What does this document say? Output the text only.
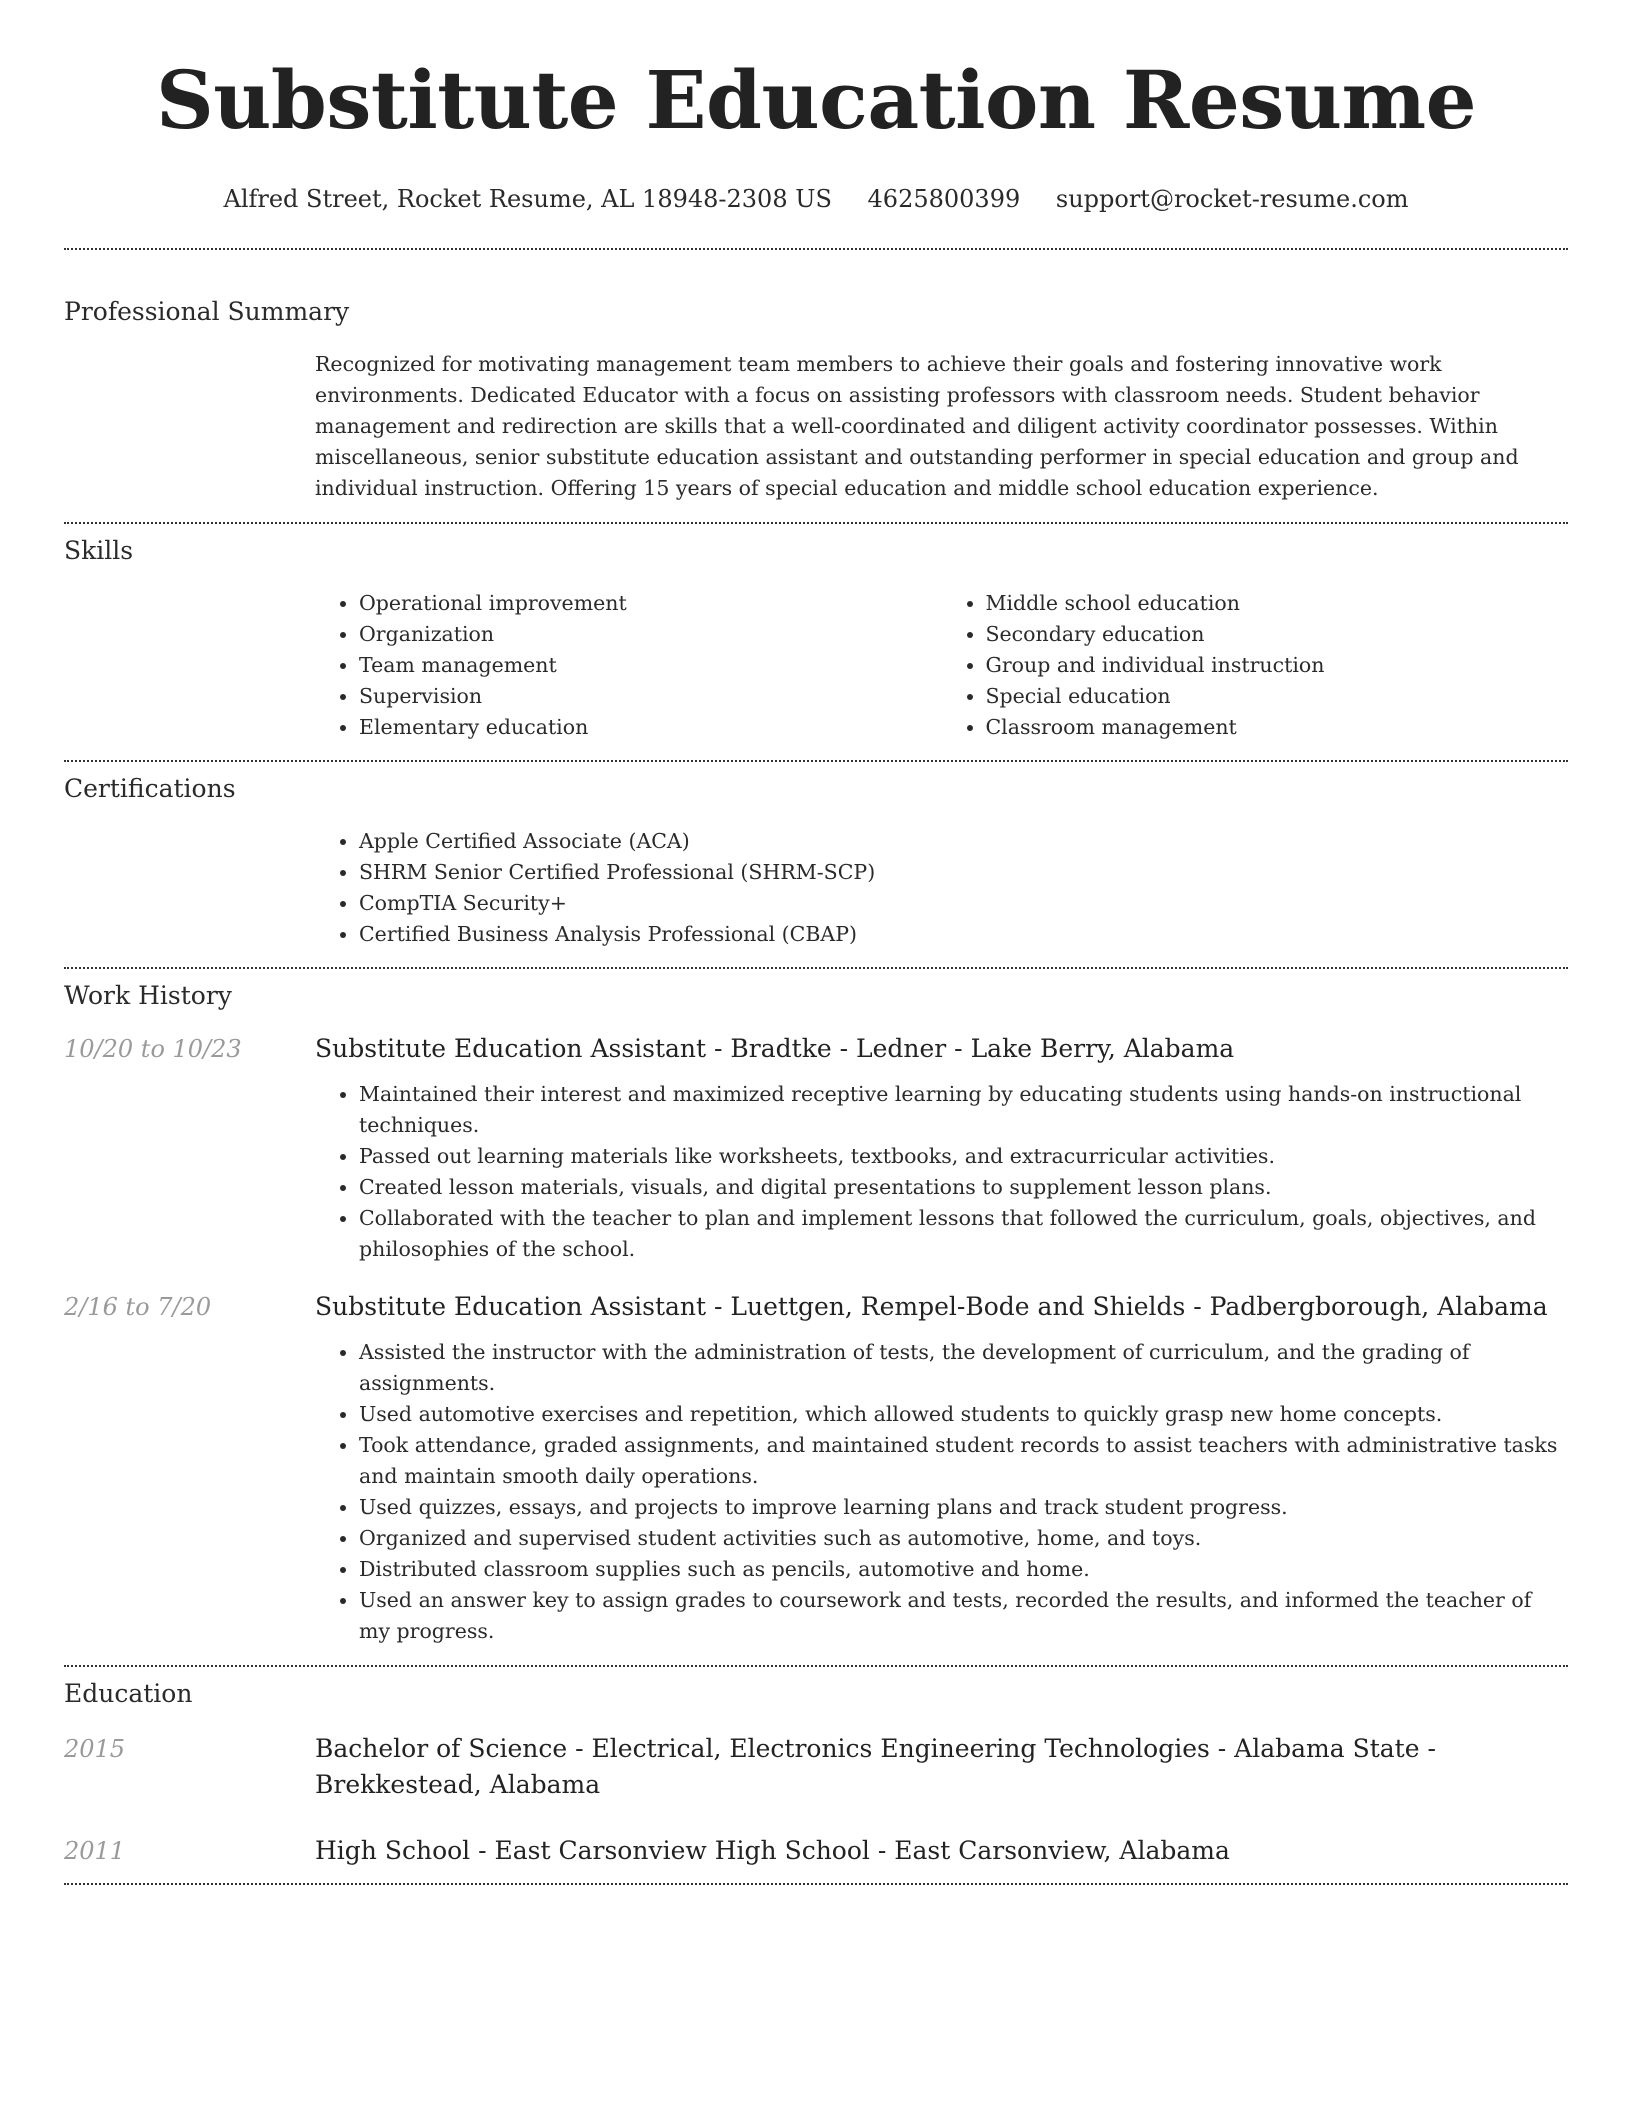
Substitute Education Resume
Alfred Street, Rocket Resume, AL 18948-2308 US 4625800399 support@rocket-resume.com
Professional Summary

Recognized for motivating management team members to achieve their goals and fostering innovative work environments. Dedicated Educator with a focus on assisting professors with classroom needs. Student behavior management and redirection are skills that a well-coordinated and diligent activity coordinator possesses. Within miscellaneous, senior substitute education assistant and outstanding performer in special education and group and individual instruction. Offering 15 years of special education and middle school education experience.

Skills
• Operational improvement
• Organization
• Team management
• Supervision
• Elementary education
• Middle school education
• Secondary education
• Group and individual instruction
• Special education
• Classroom management
Certifications
• Apple Certified Associate (ACA)
• SHRM Senior Certified Professional (SHRM-SCP)
• CompTIA Security+
• Certified Business Analysis Professional (CBAP)
Work History
10/20 to 10/23	Substitute Education Assistant - Bradtke - Ledner - Lake Berry, Alabama
• Maintained their interest and maximized receptive learning by educating students using hands-on instructional techniques.
• Passed out learning materials like worksheets, textbooks, and extracurricular activities.
• Created lesson materials, visuals, and digital presentations to supplement lesson plans.
• Collaborated with the teacher to plan and implement lessons that followed the curriculum, goals, objectives, and philosophies of the school.
2/16 to 7/20	Substitute Education Assistant - Luettgen, Rempel-Bode and Shields - Padbergborough, Alabama
• Assisted the instructor with the administration of tests, the development of curriculum, and the grading of assignments.
• Used automotive exercises and repetition, which allowed students to quickly grasp new home concepts.
• Took attendance, graded assignments, and maintained student records to assist teachers with administrative tasks and maintain smooth daily operations.
• Used quizzes, essays, and projects to improve learning plans and track student progress.
• Organized and supervised student activities such as automotive, home, and toys.
• Distributed classroom supplies such as pencils, automotive and home.
• Used an answer key to assign grades to coursework and tests, recorded the results, and informed the teacher of my progress.
Education
2015	Bachelor of Science - Electrical, Electronics Engineering Technologies - Alabama State - Brekkestead, Alabama
2011	High School - East Carsonview High School - East Carsonview, Alabama
